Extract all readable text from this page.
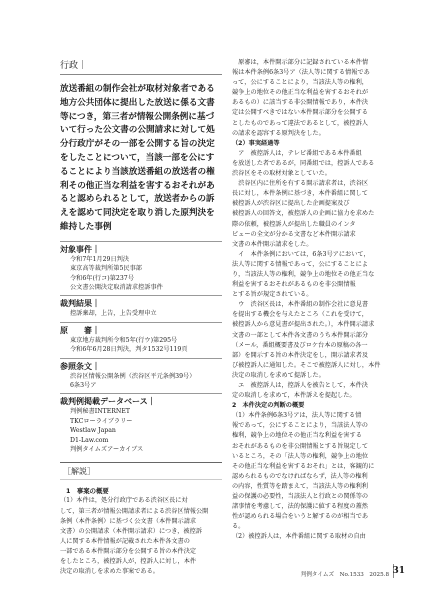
行政｜
放送番組の制作会社が取材対象者である
地方公共団体に提出した放送に係る文書
等につき，第三者が情報公開条例に基づ
いて行った公文書の公開請求に対して処
分行政庁がその一部を公開する旨の決定
をしたことについて，当該一部を公にす
ることにより当該放送番組の放送者の権
利その他正当な利益を害するおそれがあ
ると認められるとして，放送者からの訴
えを認めて同決定を取り消した原判決を
維持した事例
対象事件｜
令和7年1月29日判決
東京高等裁判所第5民事部
令和6年(行コ)第237号
公文書公開決定取消請求控訴事件
裁判結果｜
控訴棄却，上告，上告受理申立
原　　審｜
東京地方裁判所令和5年(行ウ)第295号
令和6年6月28日判決，判タ1532号119頁
参照条文｜
渋谷区情報公開条例（渋谷区平元条例39号）
6条3号ア
裁判例掲載データベース｜
判例秘書INTERNET
TKCローライブラリー
Westlaw Japan
D1-Law.com
判例タイムズアーカイブス
［解説］
1　事案の概要
（1）本件は，処分行政庁である渋谷区長に対
して，第三者が情報公開請求者による渋谷区情報公開
条例（本件条例）に基づく公文書（本件開示請求
文書）の公開請求（本件開示請求）につき，被控訴
人に関する本件情報が記載された本件各文書の
一部である本件開示部分を公開する旨の本件決定
をしたところ，被控訴人が，控訴人に対し，本件
決定の取消しを求めた事案である。
　原審は，本件開示部分に記録されている本件情
報は本件条例6条3号ア（法人等に関する情報であ
って，公にすることにより，当該法人等の権利，
競争上の地位その他正当な利益を害するおそれが
あるもの）に該当する非公開情報であり，本件決
定は公開すべきではない本件開示部分を公開する
としたものであって違法であるとして，被控訴人
の請求を認容する原判決をした。
（2）事実経過等
　ア　被控訴人は，テレビ番組である本件番組
を放送した者であるが，同番組では，控訴人である
渋谷区をその取材対象としていた。
　渋谷区内に住所を有する開示請求者は，渋谷区
長に対し，本件条例に基づき，本件番組に関して
被控訴人が渋谷区に提出した企画提案及び
被控訴人の回答文，被控訴人の企画に協力を求めた
際の依頼，被控訴人が提出した職員のインタ
ビューの全文が分かる文書など本件開示請求
文書の本件開示請求をした。
　イ　本件条例においては，6条3号アにおいて，
法人等に関する情報であって，公にすることによ
り，当該法人等の権利，競争上の地位その他正当な
利益を害するおそれがあるものを非公開情報
とする旨が規定されている。
　ウ　渋谷区長は，本件番組の制作会社に意見書
を提出する機会を与えたところ（これを受けて，
被控訴人から意見書が提出された。），本件開示請求
文書の一部として本件各文書のうち本件開示部分
（メール，番組概要書及びロケ台本の原稿の各一
部）を開示する旨の本件決定をし，開示請求者及
び被控訴人に通知した。そこで被控訴人に対し，本件
決定の取消しを求めて提訴した。
　エ　被控訴人は，控訴人を被告として，本件決
定の取消しを求めて，本件訴えを提起した。
2　本件決定の判断の概要
（1）本件条例6条3号アは，法人等に関する情
報であって，公にすることにより，当該法人等の
権利，競争上の地位その他正当な利益を害する
おそれがあるものを非公開情報とする旨規定して
いるところ，その「法人等の権利，競争上の地位
その他正当な利益を害するおそれ」とは，客観的に
認められるものでなければならず，法人等の権利
の内容，性質等を踏まえて，当該法人等の権利利
益の保護の必要性，当該法人と行政との関係等の
諸事情を考慮して，法的保護に値する程度の蓋然
性が認められる場合をいうと解するのが相当であ
る。
（2）被控訴人は，本件番組に関する取材の自由
判例タイムズ　No.1533　2025.8 31
